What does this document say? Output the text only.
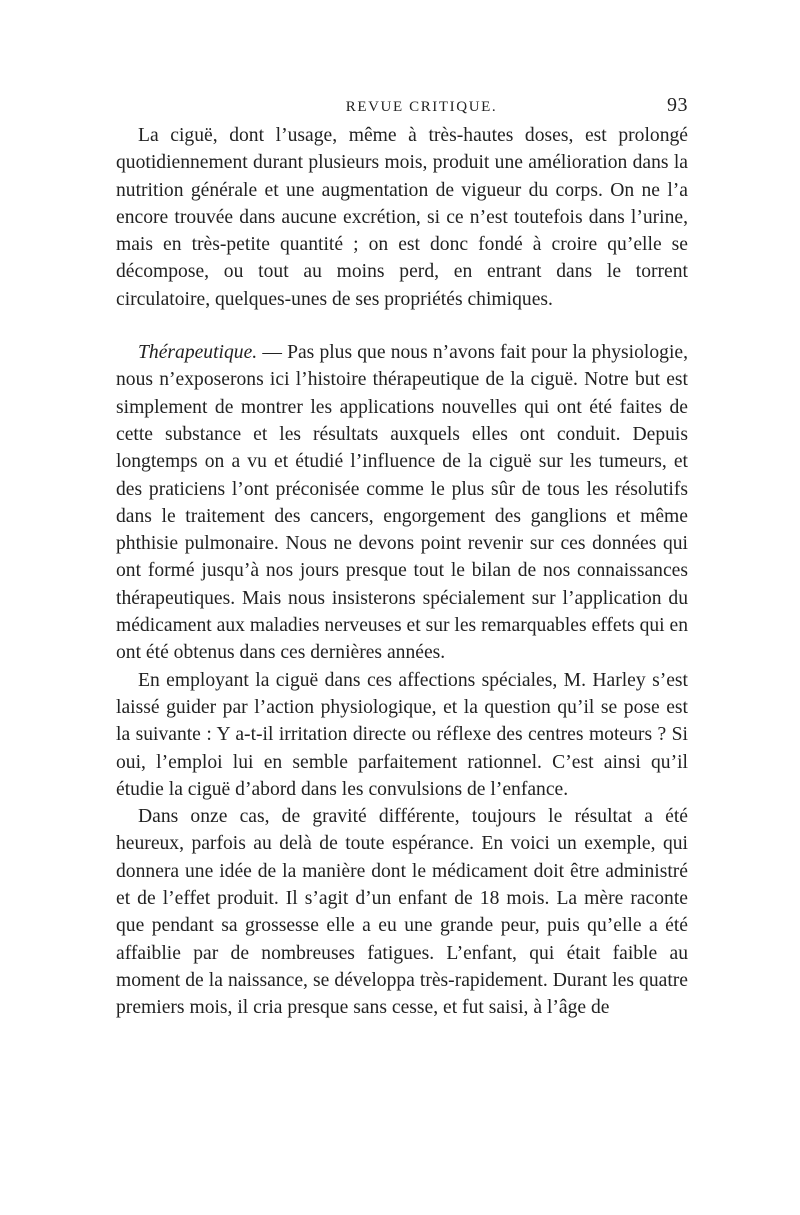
REVUE CRITIQUE.	93

La ciguë, dont l’usage, même à très-hautes doses, est prolongé quotidiennement durant plusieurs mois, produit une amélioration dans la nutrition générale et une augmentation de vigueur du corps. On ne l’a encore trouvée dans aucune excrétion, si ce n’est toutefois dans l’urine, mais en très-petite quantité ; on est donc fondé à croire qu’elle se décompose, ou tout au moins perd, en entrant dans le torrent circulatoire, quelques-unes de ses propriétés chimiques.

Thérapeutique. — Pas plus que nous n’avons fait pour la physiologie, nous n’exposerons ici l’histoire thérapeutique de la ciguë. Notre but est simplement de montrer les applications nouvelles qui ont été faites de cette substance et les résultats auxquels elles ont conduit. Depuis longtemps on a vu et étudié l’influence de la ciguë sur les tumeurs, et des praticiens l’ont préconisée comme le plus sûr de tous les résolutifs dans le traitement des cancers, engorgement des ganglions et même phthisie pulmonaire. Nous ne devons point revenir sur ces données qui ont formé jusqu’à nos jours presque tout le bilan de nos connaissances thérapeutiques. Mais nous insisterons spécialement sur l’application du médicament aux maladies nerveuses et sur les remarquables effets qui en ont été obtenus dans ces dernières années.

En employant la ciguë dans ces affections spéciales, M. Harley s’est laissé guider par l’action physiologique, et la question qu’il se pose est la suivante : Y a-t-il irritation directe ou réflexe des centres moteurs ? Si oui, l’emploi lui en semble parfaitement rationnel. C’est ainsi qu’il étudie la ciguë d’abord dans les convulsions de l’enfance.

Dans onze cas, de gravité différente, toujours le résultat a été heureux, parfois au delà de toute espérance. En voici un exemple, qui donnera une idée de la manière dont le médicament doit être administré et de l’effet produit. Il s’agit d’un enfant de 18 mois. La mère raconte que pendant sa grossesse elle a eu une grande peur, puis qu’elle a été affaiblie par de nombreuses fatigues. L’enfant, qui était faible au moment de la naissance, se développa très-rapidement. Durant les quatre premiers mois, il cria presque sans cesse, et fut saisi, à l’âge de
